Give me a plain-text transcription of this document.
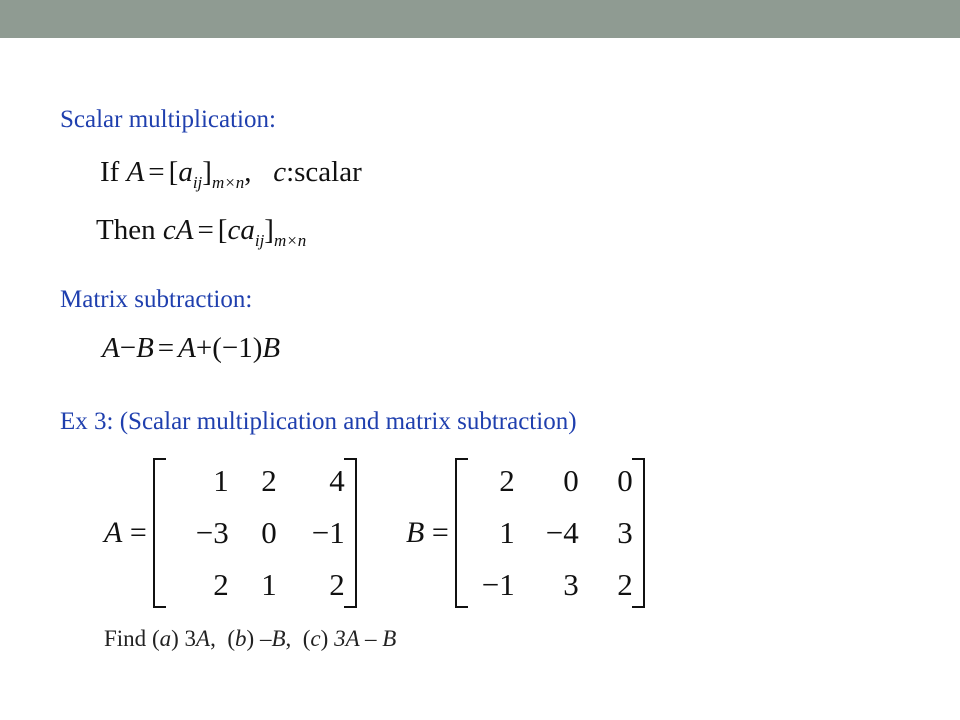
Scalar multiplication:
If $A = [a_{ij}]_{m\times n}$,   c:scalar
Then cA = $[ca_{ij}]_{m\times n}$
Matrix subtraction:
A−B = A+(−1)B
Ex 3: (Scalar multiplication and matrix subtraction)
A =
1	2	4
−3	0	−1
2	1	2
B =
2	0	0
1	−4	3
−1	3	2
Find (a) 3A,  (b) –B,  (c) 3A – B
